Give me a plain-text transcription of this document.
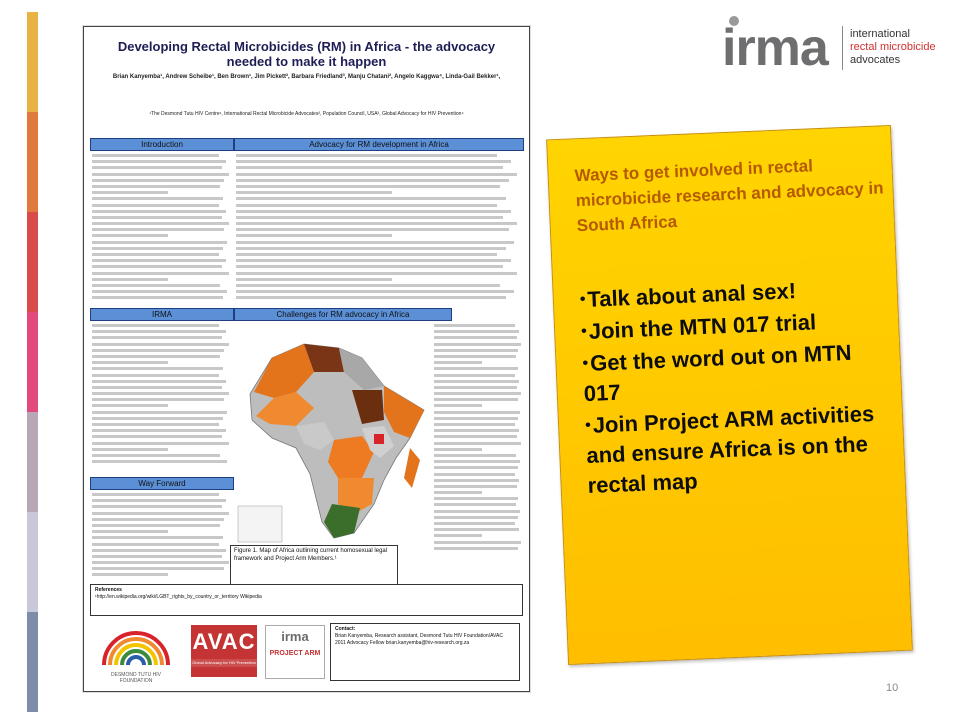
Developing Rectal Microbicides (RM) in Africa - the advocacy needed to make it happen
Brian Kanyemba¹, Andrew Scheibe¹, Ben Brown¹, Jim Pickett², Barbara Friedland³, Manju Chatani², Angelo Kaggwa⁴, Linda-Gail Bekker¹,
¹The Desmond Tutu HIV Centre¹, International Rectal Microbicide Advocates², Population Council, USA³, Global Advocacy for HIV Prevention⁴
Introduction	Advocacy for RM development in Africa
IRMA	Challenges for RM advocacy in Africa
Way Forward
Figure 1. Map of Africa outlining current homosexual legal framework and Project Arm Members.¹
References
¹http://en.wikipedia.org/wiki/LGBT_rights_by_country_or_territory Wikipedia
DESMOND TUTU HIV FOUNDATION
AVAC
Global Advocacy for HIV Prevention
irma
PROJECT ARM
Contact:
Brian Kanyemba, Research assistant, Desmond Tutu HIV Foundation/AVAC 2011 Advocacy Fellow brian.kanyemba@hiv-research.org.za
irma international
rectal microbicide
advocates
Ways to get involved in rectal microbicide research and advocacy in South Africa
•Talk about anal sex!
•Join the MTN 017 trial
•Get the word out on MTN 017
•Join Project ARM activities and ensure Africa is on the rectal map
10
